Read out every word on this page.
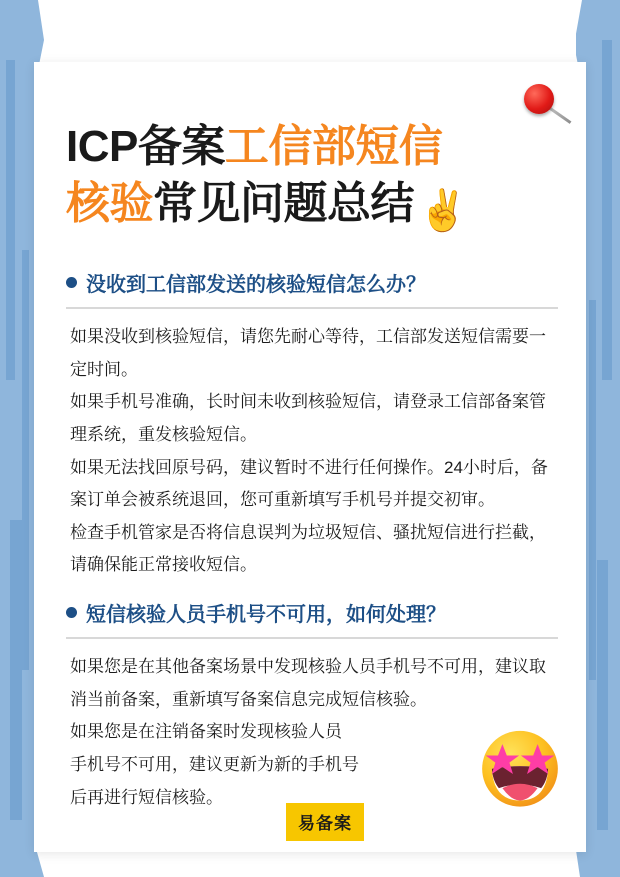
ICP备案工信部短信
核验常见问题总结 ✌️
没收到工信部发送的核验短信怎么办？

如果没收到核验短信，请您先耐心等待，工信部发送短信需要一定时间。

如果手机号准确，长时间未收到核验短信，请登录工信部备案管理系统，重发核验短信。

如果无法找回原号码，建议暂时不进行任何操作。24小时后，备案订单会被系统退回，您可重新填写手机号并提交初审。

检查手机管家是否将信息误判为垃圾短信、骚扰短信进行拦截，请确保能正常接收短信。

短信核验人员手机号不可用，如何处理？

如果您是在其他备案场景中发现核验人员手机号不可用，建议取消当前备案，重新填写备案信息完成短信核验。

如果您是在注销备案时发现核验人员

手机号不可用，建议更新为新的手机号

后再进行短信核验。

易备案
